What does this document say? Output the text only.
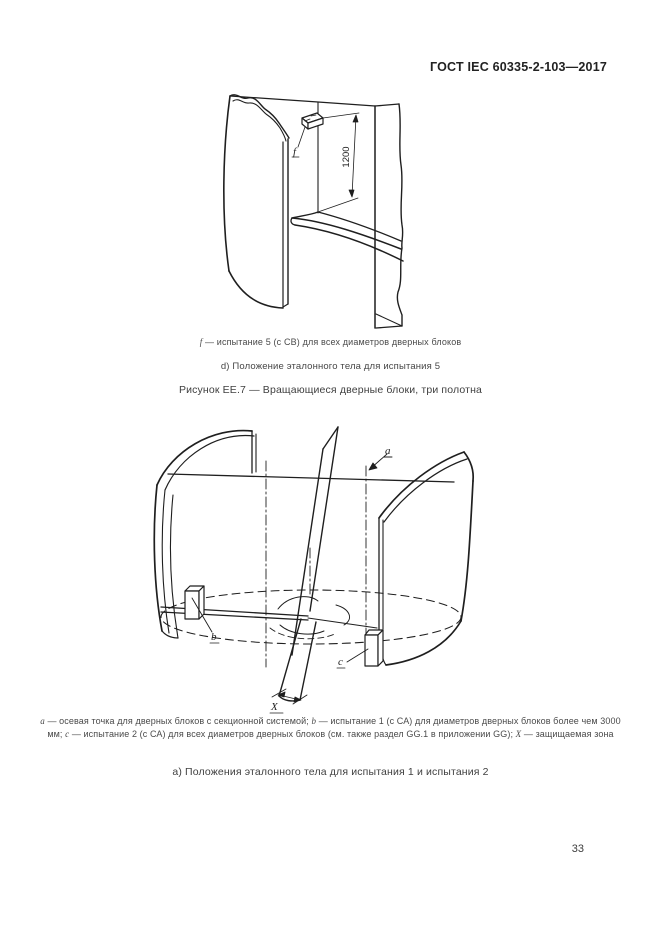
ГОСТ IEC 60335-2-103—2017
f	1200
f — испытание 5 (с СВ) для всех диаметров дверных блоков
d) Положение эталонного тела для испытания 5
Рисунок ЕЕ.7 — Вращающиеся дверные блоки, три полотна
a
b
c
X
a — осевая точка для дверных блоков с секционной системой; b — испытание 1 (с СА) для диаметров дверных блоков более чем 3000 мм; c — испытание 2 (с СА) для всех диаметров дверных блоков (см. также раздел GG.1 в приложении GG); X — защищаемая зона
а) Положения эталонного тела для испытания 1 и испытания 2
33
